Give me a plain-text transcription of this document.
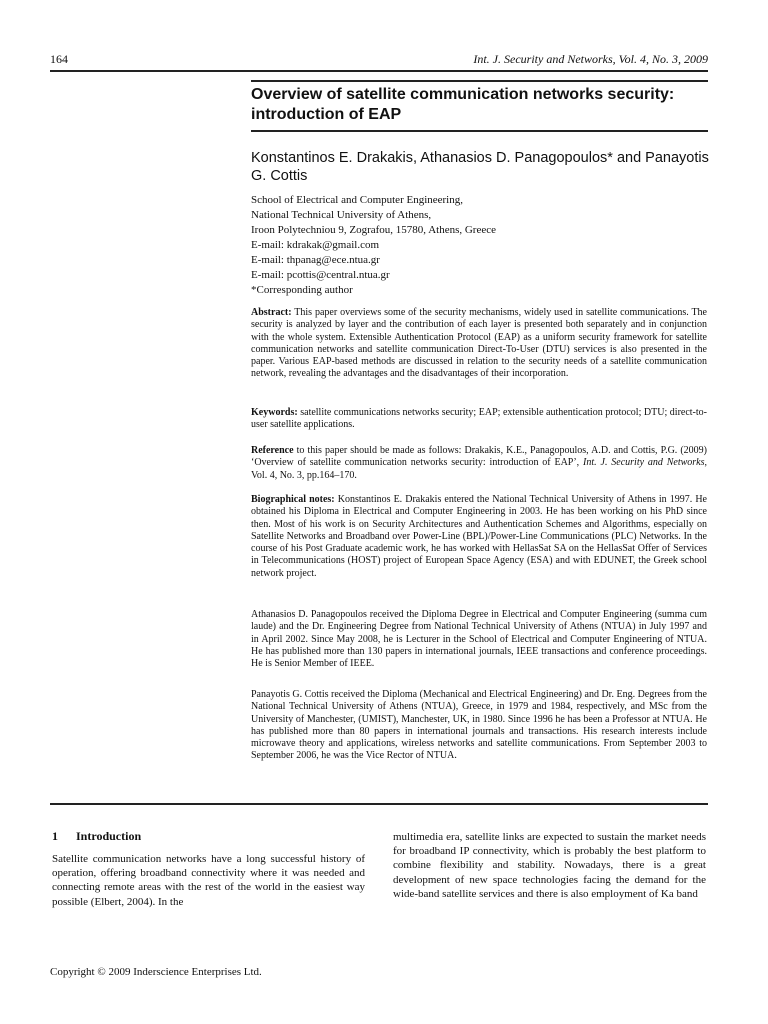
164	Int. J. Security and Networks, Vol. 4, No. 3, 2009
Overview of satellite communication networks security: introduction of EAP
Konstantinos E. Drakakis, Athanasios D. Panagopoulos* and Panayotis G. Cottis
School of Electrical and Computer Engineering,
National Technical University of Athens,
Iroon Polytechniou 9, Zografou, 15780, Athens, Greece
E-mail: kdrakak@gmail.com
E-mail: thpanag@ece.ntua.gr
E-mail: pcottis@central.ntua.gr
*Corresponding author
Abstract: This paper overviews some of the security mechanisms, widely used in satellite communications. The security is analyzed by layer and the contribution of each layer is presented both separately and in conjunction with the whole system. Extensible Authentication Protocol (EAP) as a uniform security framework for satellite communication networks and satellite communication Direct-To-User (DTU) services is also presented in the paper. Various EAP-based methods are discussed in relation to the security needs of a satellite communication network, revealing the advantages and the disadvantages of their incorporation.
Keywords: satellite communications networks security; EAP; extensible authentication protocol; DTU; direct-to-user satellite applications.
Reference to this paper should be made as follows: Drakakis, K.E., Panagopoulos, A.D. and Cottis, P.G. (2009) ‘Overview of satellite communication networks security: introduction of EAP’, Int. J. Security and Networks, Vol. 4, No. 3, pp.164–170.
Biographical notes: Konstantinos E. Drakakis entered the National Technical University of Athens in 1997. He obtained his Diploma in Electrical and Computer Engineering in 2003. He has been working on his PhD since then. Most of his work is on Security Architectures and Authentication Schemes and Algorithms, especially on Satellite Networks and Broadband over Power-Line (BPL)/Power-Line Communications (PLC) Networks. In the course of his Post Graduate academic work, he has worked with HellasSat SA on the HellasSat Offer of Services in Telecommunications (HOST) project of European Space Agency (ESA) and with EDUNET, the Greek school network project.
Athanasios D. Panagopoulos received the Diploma Degree in Electrical and Computer Engineering (summa cum laude) and the Dr. Engineering Degree from National Technical University of Athens (NTUA) in July 1997 and in April 2002. Since May 2008, he is Lecturer in the School of Electrical and Computer Engineering of NTUA. He has published more than 130 papers in international journals, IEEE transactions and conference proceedings. He is Senior Member of IEEE.
Panayotis G. Cottis received the Diploma (Mechanical and Electrical Engineering) and Dr. Eng. Degrees from the National Technical University of Athens (NTUA), Greece, in 1979 and 1984, respectively, and MSc from the University of Manchester, (UMIST), Manchester, UK, in 1980. Since 1996 he has been a Professor at NTUA. He has published more than 80 papers in international journals and transactions. His research interests include microwave theory and applications, wireless networks and satellite communications. From September 2003 to September 2006, he was the Vice Rector of NTUA.
1 Introduction
Satellite communication networks have a long successful history of operation, offering broadband connectivity where it was needed and connecting remote areas with the rest of the world in the easiest way possible (Elbert, 2004). In the
multimedia era, satellite links are expected to sustain the market needs for broadband IP connectivity, which is probably the best platform to combine flexibility and stability. Nowadays, there is a great development of new space technologies facing the demand for the wide-band satellite services and there is also employment of Ka band
Copyright © 2009 Inderscience Enterprises Ltd.
